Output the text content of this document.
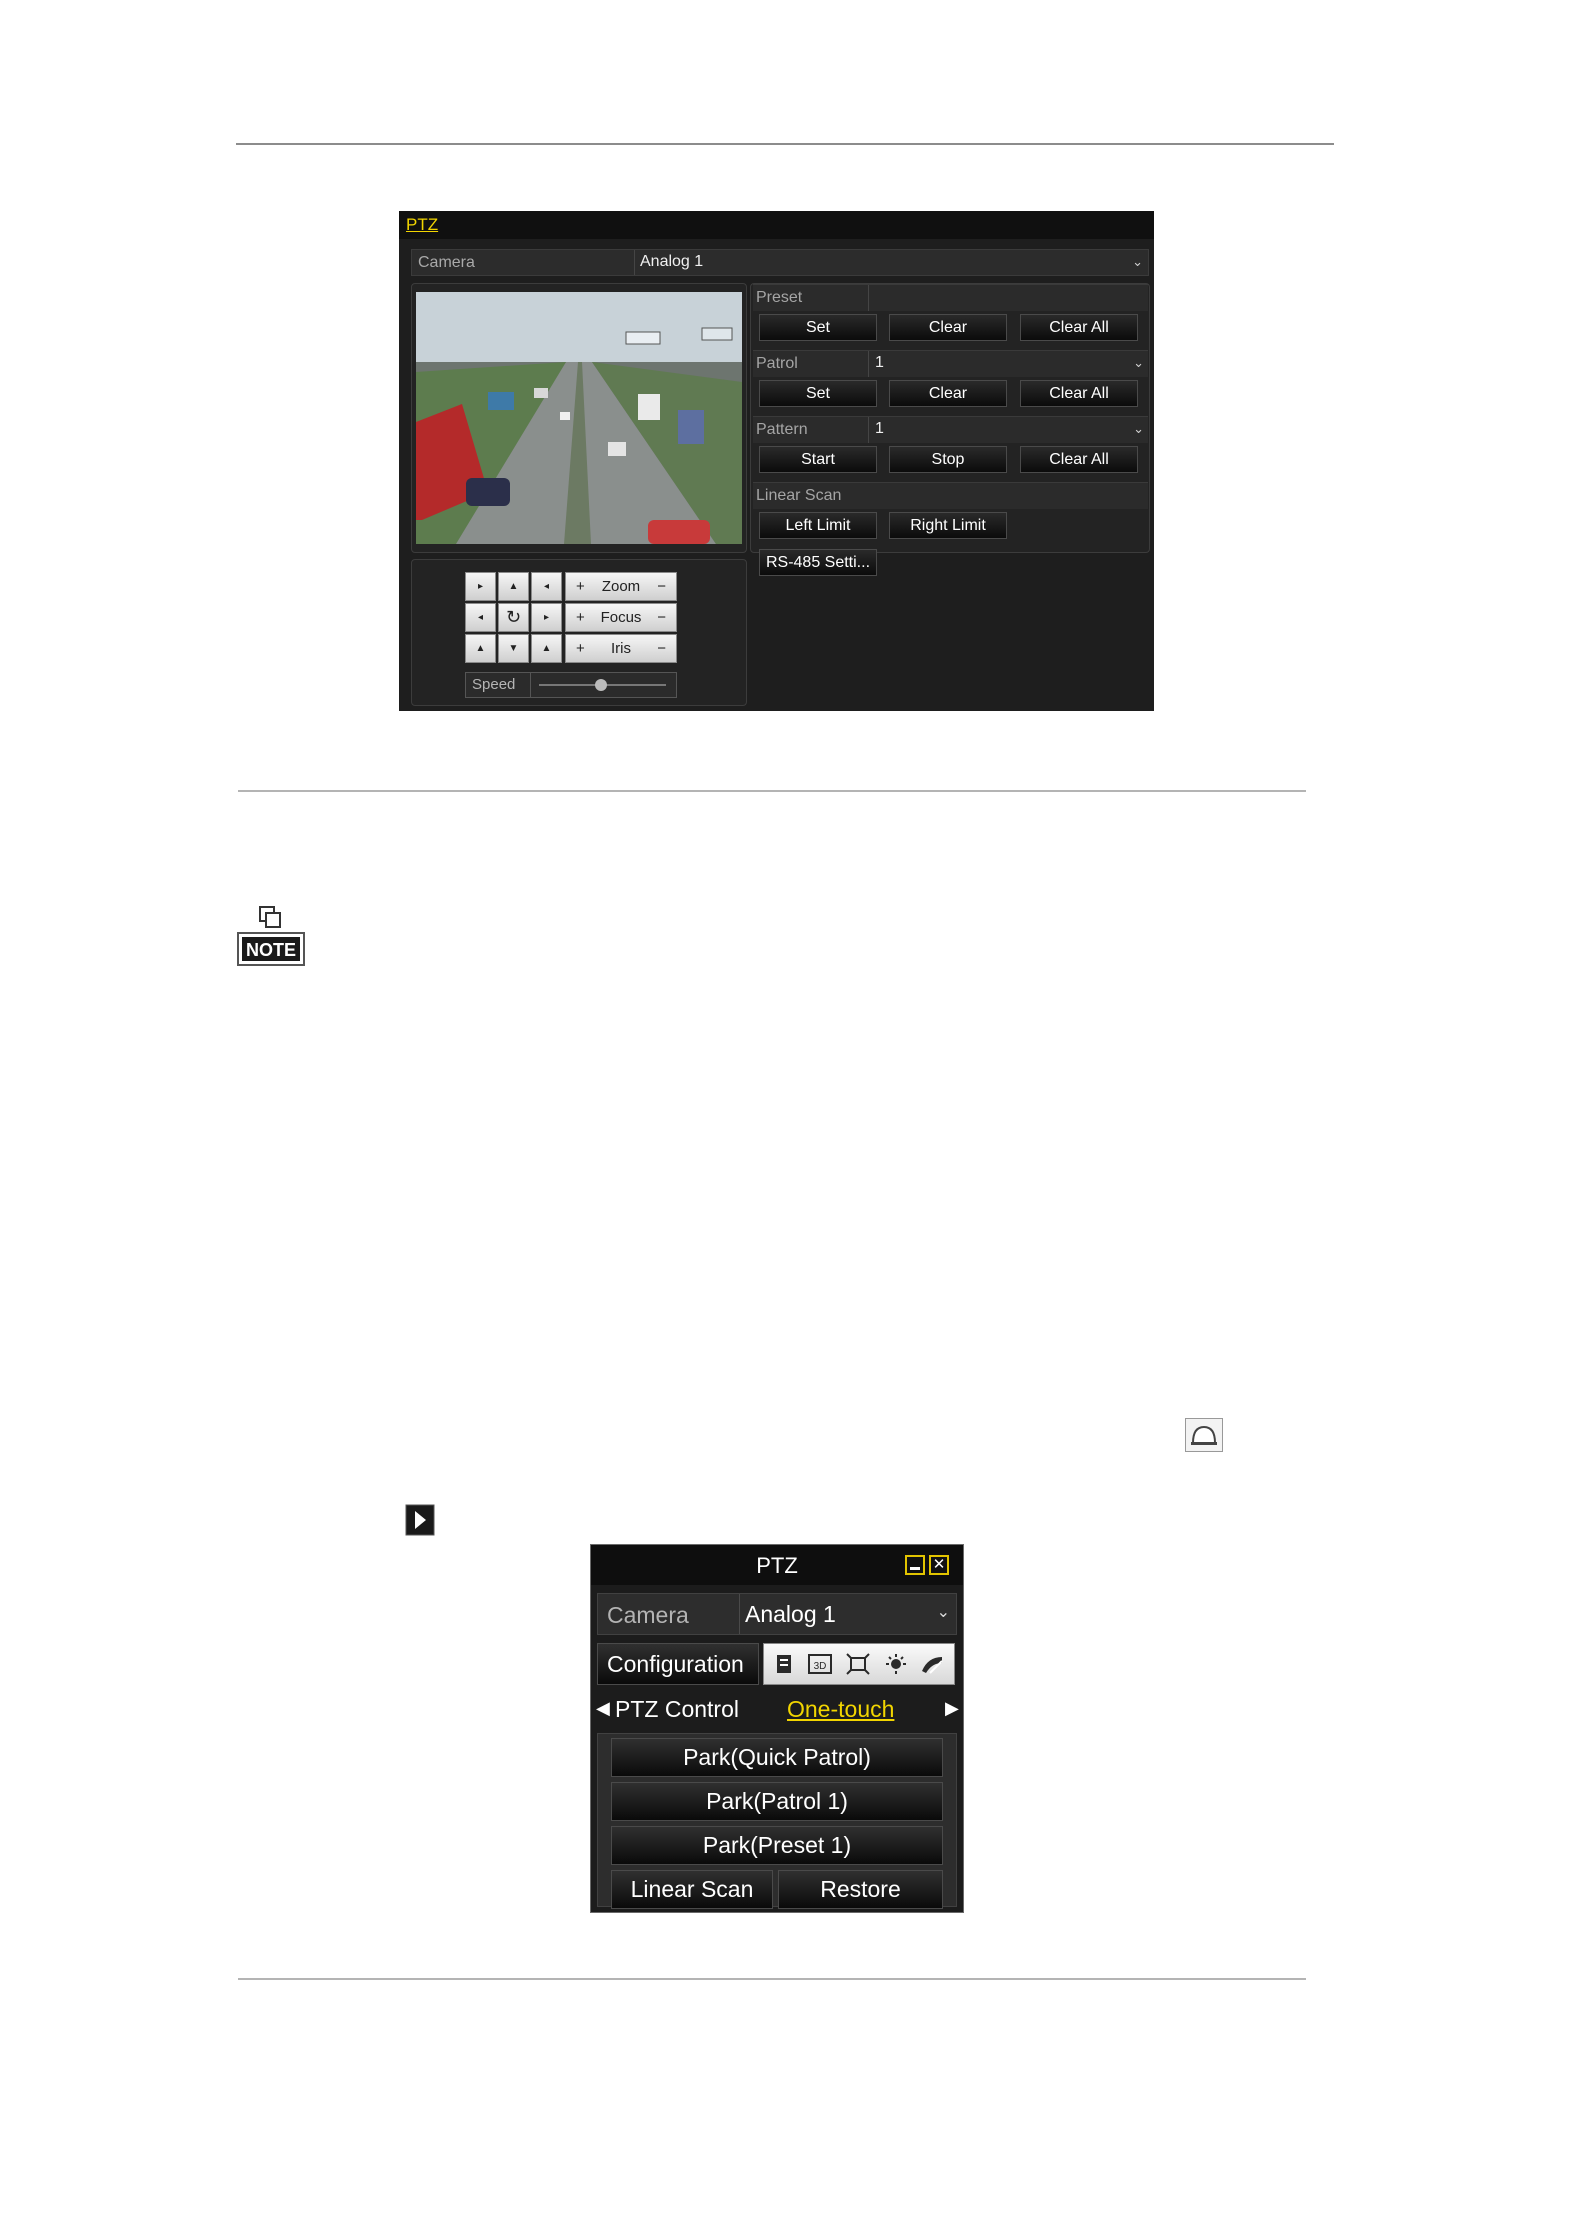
PTZ
Camera	Analog 1	⌄
Preset
Set	Clear	Clear All
Patrol	1	⌄
Set	Clear	Clear All
Pattern	1	⌄
Start	Stop	Clear All
Linear Scan
Left Limit	Right Limit
RS-485 Setti...
▸	▲	◂
◂	↻	▸
▲	▼	▲
Zoom
+	−
Focus
+	−
Iris
+	−
Speed
NOTE
PTZ	✕
Camera Analog 1	⌄
Configuration	3D
◀ PTZ Control One-touch	▶
Park(Quick Patrol)
Park(Patrol 1)
Park(Preset 1)
Linear Scan	Restore
